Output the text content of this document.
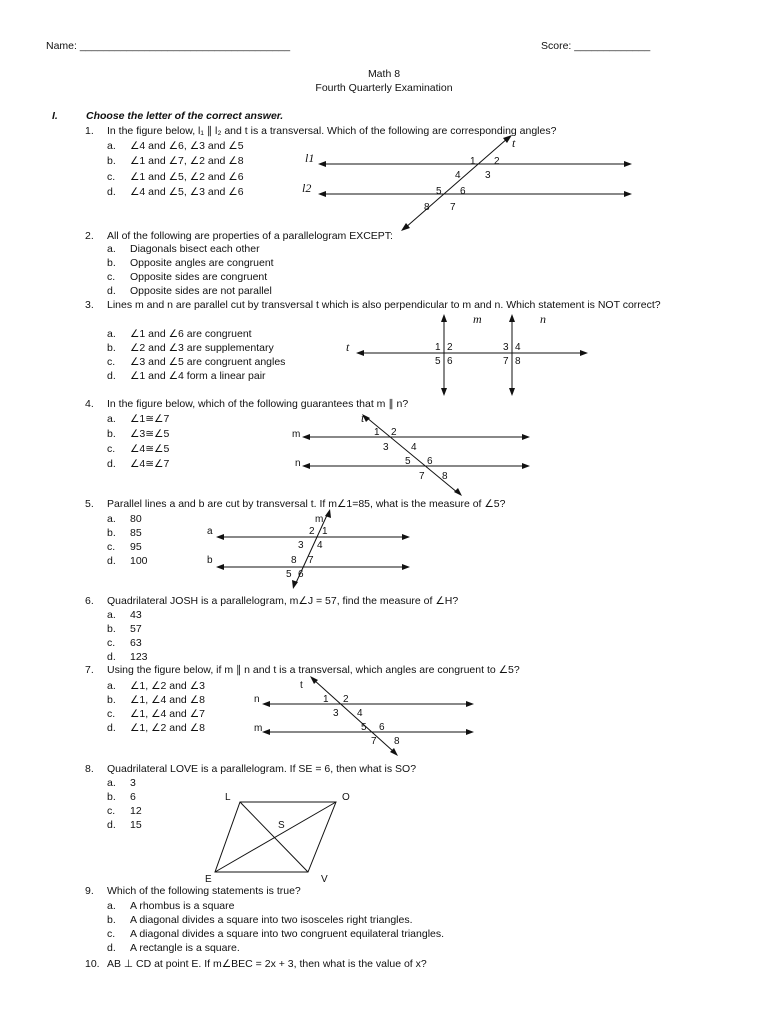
Name: ____________________________________	Score: _____________
Math 8
Fourth Quarterly Examination
I.	Choose the letter of the correct answer.
1. In the figure below, l₁ ∥ l₂ and t is a transversal. Which of the following are corresponding angles?
a. ∠4 and ∠6, ∠3 and ∠5
b. ∠1 and ∠7, ∠2 and ∠8
c. ∠1 and ∠5, ∠2 and ∠6
d. ∠4 and ∠5, ∠3 and ∠6
l1
l2
t
1 2
3
4
5 6
7
8
2. All of the following are properties of a parallelogram EXCEPT:
a. Diagonals bisect each other
b. Opposite angles are congruent
c. Opposite sides are congruent
d. Opposite sides are not parallel
3. Lines m and n are parallel cut by transversal t which is also perpendicular to m and n. Which statement is NOT correct?
a. ∠1 and ∠6 are congruent
b. ∠2 and ∠3 are supplementary
c. ∠3 and ∠5 are congruent angles
d. ∠1 and ∠4 form a linear pair
m	n
t	1 2	3 4
5 6	7 8
4. In the figure below, which of the following guarantees that m ∥ n?
a. ∠1≅∠7
b. ∠3≅∠5
c. ∠4≅∠5
d. ∠4≅∠7
t
m
n
1 2
3 4
5 6
7 8
5. Parallel lines a and b are cut by transversal t. If m∠1=85, what is the measure of ∠5?
a. 80
b. 85
c. 95
d. 100
a
b
m
2 1
3 4
8 7
5 6
6. Quadrilateral JOSH is a parallelogram, m∠J = 57, find the measure of ∠H?
a. 43
b. 57
c. 63
d. 123
7. Using the figure below, if m ∥ n and t is a transversal, which angles are congruent to ∠5?
a. ∠1, ∠2 and ∠3
b. ∠1, ∠4 and ∠8
c. ∠1, ∠4 and ∠7
d. ∠1, ∠2 and ∠8
t
n
m
1 2
3 4
5 6
7 8
8. Quadrilateral LOVE is a parallelogram. If SE = 6, then what is SO?
a. 3
b. 6
c. 12
d. 15
L	O
V
E
S
9. Which of the following statements is true?
a. A rhombus is a square
b. A diagonal divides a square into two isosceles right triangles.
c. A diagonal divides a square into two congruent equilateral triangles.
d. A rectangle is a square.
10. AB ⊥ CD at point E. If m∠BEC = 2x + 3, then what is the value of x?
